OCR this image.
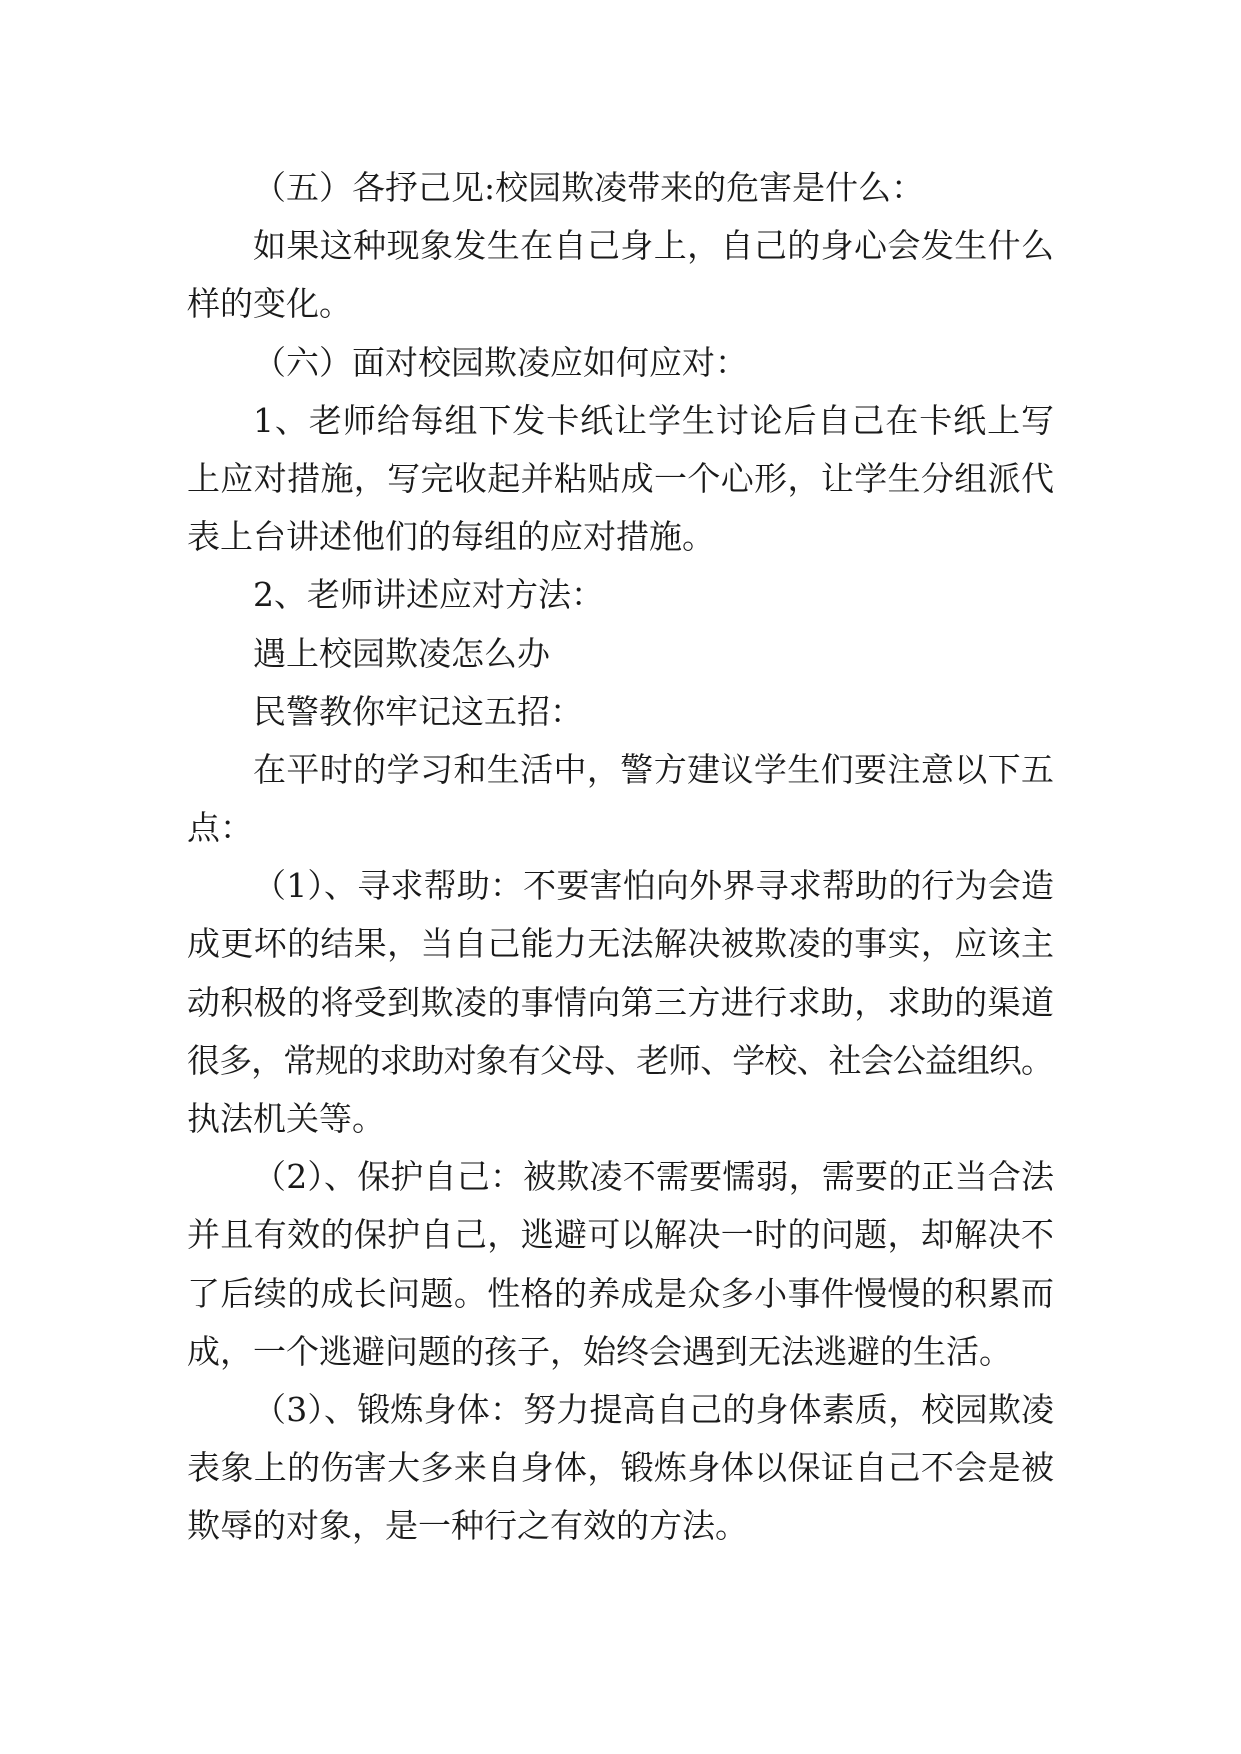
（五）各抒己见:校园欺凌带来的危害是什么：
如果这种现象发生在自己身上，自己的身心会发生什么
样的变化。
（六）面对校园欺凌应如何应对：
1、老师给每组下发卡纸让学生讨论后自己在卡纸上写
上应对措施，写完收起并粘贴成一个心形，让学生分组派代
表上台讲述他们的每组的应对措施。
2、老师讲述应对方法：
遇上校园欺凌怎么办
民警教你牢记这五招：
在平时的学习和生活中，警方建议学生们要注意以下五
点：
（1）、寻求帮助：不要害怕向外界寻求帮助的行为会造
成更坏的结果，当自己能力无法解决被欺凌的事实，应该主
动积极的将受到欺凌的事情向第三方进行求助，求助的渠道
很多，常规的求助对象有父母、老师、学校、社会公益组织。
执法机关等。
（2）、保护自己：被欺凌不需要懦弱，需要的正当合法
并且有效的保护自己，逃避可以解决一时的问题，却解决不
了后续的成长问题。性格的养成是众多小事件慢慢的积累而
成，一个逃避问题的孩子，始终会遇到无法逃避的生活。
（3）、锻炼身体：努力提高自己的身体素质，校园欺凌
表象上的伤害大多来自身体，锻炼身体以保证自己不会是被
欺辱的对象，是一种行之有效的方法。
